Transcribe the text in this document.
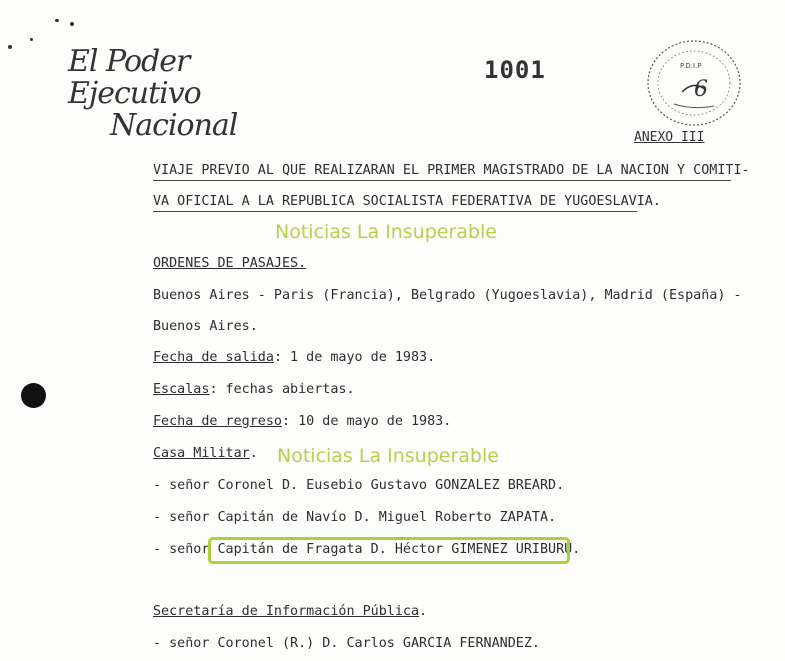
El Poder Ejecutivo
Nacional
1001	P.D.I.P
6
ANEXO III
VIAJE PREVIO AL QUE REALIZARAN EL PRIMER MAGISTRADO DE LA NACION Y COMITI-
VA OFICIAL A LA REPUBLICA SOCIALISTA FEDERATIVA DE YUGOESLAVIA.
Noticias La Insuperable
ORDENES DE PASAJES.
Buenos Aires - Paris (Francia), Belgrado (Yugoeslavia), Madrid (España) -
Buenos Aires.
Fecha de salida: 1 de mayo de 1983.
Escalas: fechas abiertas.
Fecha de regreso: 10 de mayo de 1983.
Casa Militar. Noticias La Insuperable
- señor Coronel D. Eusebio Gustavo GONZALEZ BREARD.
- señor Capitán de Navío D. Miguel Roberto ZAPATA.
- señor Capitán de Fragata D. Héctor GIMENEZ URIBURU.
Secretaría de Información Pública.
- señor Coronel (R.) D. Carlos GARCIA FERNANDEZ.
